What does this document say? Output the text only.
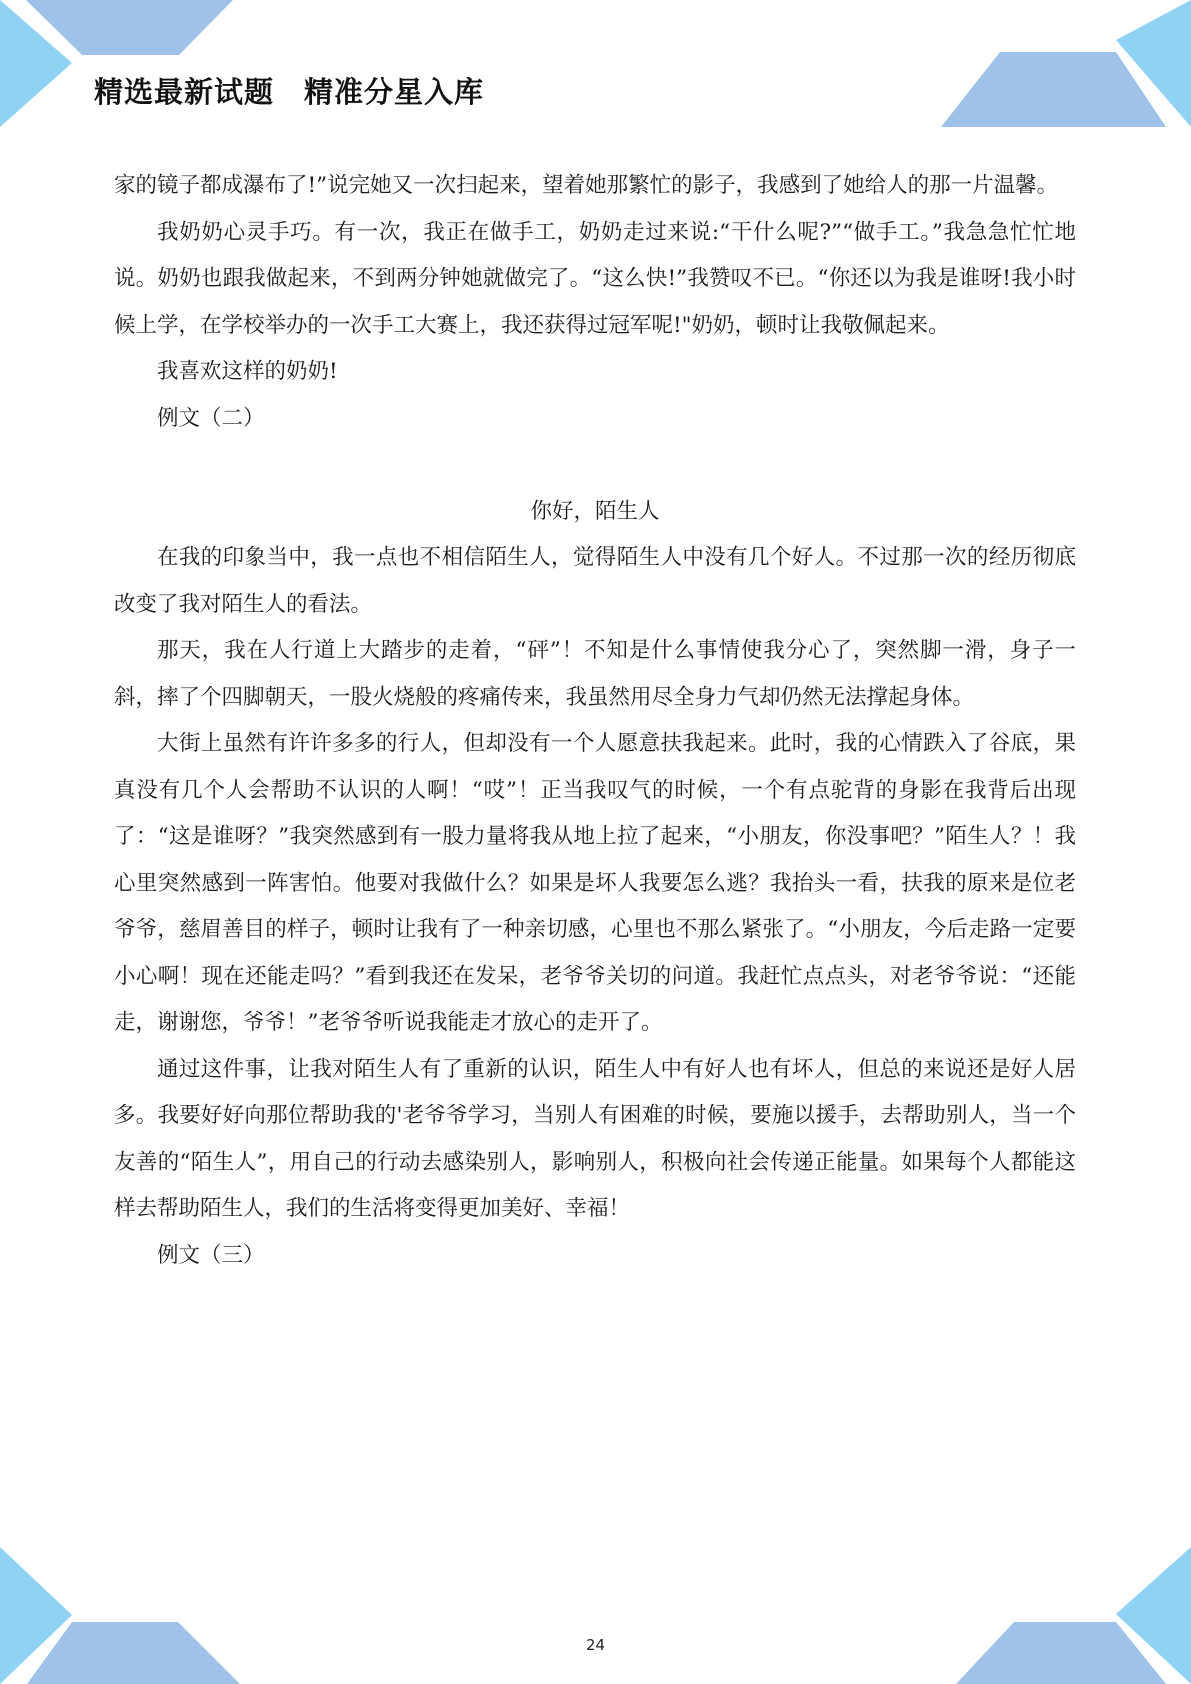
精选最新试题　精准分星入库

家的镜子都成瀑布了!”说完她又一次扫起来，望着她那繁忙的影子，我感到了她给人的那一片温馨。

我奶奶心灵手巧。有一次，我正在做手工，奶奶走过来说:“干什么呢?”“做手工。”我急急忙忙地说。奶奶也跟我做起来，不到两分钟她就做完了。“这么快!”我赞叹不已。“你还以为我是谁呀!我小时候上学，在学校举办的一次手工大赛上，我还获得过冠军呢!"奶奶，顿时让我敬佩起来。

我喜欢这样的奶奶!

例文（二）

你好，陌生人

在我的印象当中，我一点也不相信陌生人，觉得陌生人中没有几个好人。不过那一次的经历彻底改变了我对陌生人的看法。

那天，我在人行道上大踏步的走着，“砰”！不知是什么事情使我分心了，突然脚一滑，身子一斜，摔了个四脚朝天，一股火烧般的疼痛传来，我虽然用尽全身力气却仍然无法撑起身体。

大街上虽然有许许多多的行人，但却没有一个人愿意扶我起来。此时，我的心情跌入了谷底，果真没有几个人会帮助不认识的人啊！“哎”！正当我叹气的时候，一个有点驼背的身影在我背后出现了：“这是谁呀？”我突然感到有一股力量将我从地上拉了起来，“小朋友，你没事吧？”陌生人？！我心里突然感到一阵害怕。他要对我做什么？如果是坏人我要怎么逃？我抬头一看，扶我的原来是位老爷爷，慈眉善目的样子，顿时让我有了一种亲切感，心里也不那么紧张了。“小朋友，今后走路一定要小心啊！现在还能走吗？”看到我还在发呆，老爷爷关切的问道。我赶忙点点头，对老爷爷说：“还能走，谢谢您，爷爷！”老爷爷听说我能走才放心的走开了。

通过这件事，让我对陌生人有了重新的认识，陌生人中有好人也有坏人，但总的来说还是好人居多。我要好好向那位帮助我的'老爷爷学习，当别人有困难的时候，要施以援手，去帮助别人，当一个友善的“陌生人”，用自己的行动去感染别人，影响别人，积极向社会传递正能量。如果每个人都能这样去帮助陌生人，我们的生活将变得更加美好、幸福！

例文（三）

24
